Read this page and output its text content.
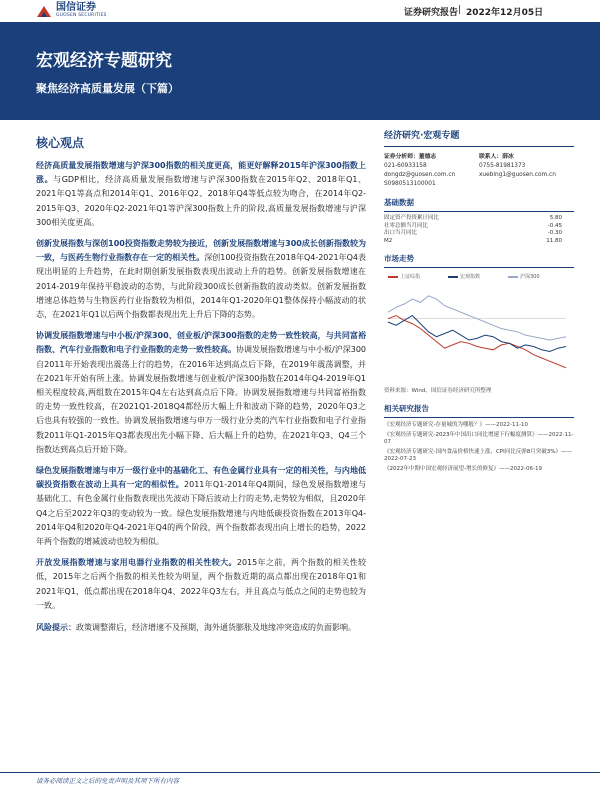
国信证券
GUOSEN SECURITIES	证券研究报告 | 2022年12月05日
宏观经济专题研究
聚焦经济高质量发展（下篇）
核心观点

经济高质量发展指数增速与沪深300指数的相关度更高，能更好解释2015年沪深300指数上涨。与GDP相比，经济高质量发展指数增速与沪深300指数在2015年Q2、2018年Q1、2021年Q1等高点和2014年Q1、2016年Q2、2018年Q4等低点较为吻合，在2014年Q2-2015年Q3、2020年Q2-2021年Q1等沪深300指数上升的阶段,高质量发展指数增速与沪深300相关度更高。

创新发展指数与深创100投资指数走势较为接近，创新发展指数增速与300成长创新指数较为一致，与医药生物行业指数存在一定的相关性。深创100投资指数在2018年Q4-2021年Q4表现出明显的上升趋势，在此时期创新发展指数表现出波动上升的趋势。创新发展指数增速在2014-2019年保持平稳波动的态势，与此阶段300成长创新指数的波动类似。创新发展指数增速总体趋势与生物医药行业指数较为相似，2014年Q1-2020年Q1整体保持小幅波动的状态，在2021年Q1以后两个指数都表现出先上升后下降的态势。

协调发展指数增速与中小板/沪深300、创业板/沪深300指数的走势一致性较高，与共同富裕指数、汽车行业指数和电子行业指数的走势一致性较高。协调发展指数增速与中小板/沪深300自2011年开始表现出震荡上行的趋势，在2016年达到高点后下降，在2019年震荡调整，并在2021年开始有所上涨。协调发展指数增速与创业板/沪深300指数在2014年Q4-2019年Q1相关程度较高,两组数在2015年Q4左右达到高点后下降。协调发展指数增速与共同富裕指数的走势一致性较高，在2021Q1-2018Q4都经历大幅上升和波动下降的趋势，2020年Q3之后也具有较强的一致性。协调发展指数增速与申万一级行业分类的汽车行业指数和电子行业指数2011年Q1-2015年Q3都表现出先小幅下降、后大幅上升的趋势，在2021年Q3、Q4三个指数达到高点后开始下降。

绿色发展指数增速与申万一级行业中的基础化工、有色金属行业具有一定的相关性，与内地低碳投资指数在波动上具有一定的相似性。2011年Q1-2014年Q4期间，绿色发展指数增速与基础化工、有色金属行业指数表现出先波动下降后波动上行的走势,走势较为相似，且2020年Q4之后至2022年Q3的变动较为一致。绿色发展指数增速与内地低碳投资指数在2013年Q4-2014年Q4和2020年Q4-2021年Q4的两个阶段，两个指数都表现出向上增长的趋势，2022年两个指数的增减波动也较为相似。

开放发展指数增速与家用电器行业指数的相关性较大。2015年之前，两个指数的相关性较低，2015年之后两个指数的相关性较为明显，两个指数近期的高点都出现在2018年Q1和2021年Q1，低点都出现在2018年Q4、2022年Q3左右，并且高点与低点之间的走势也较为一致。

风险提示：政策调整滞后，经济增速不及预期，海外通货膨胀及地缘冲突造成的负面影响。

经济研究·宏观专题
证券分析师：董德志
021-60933158
dongdz@guosen.com.cn
S0980513100001
联系人：薛冰
0755-81981373
xuebing1@guosen.com.cn
基础数据
固定资产投资累计同比	5.80
社零总额当月同比	-0.45
出口当月同比	-0.30
M2	11.80
市场走势
上证综指	宏观指数	沪深300
资料来源：Wind、国信证券经济研究所整理
相关研究报告
《宏观经济专题研究-存量城的为哪般？》——2022-11-10
《宏观经济专题研究-2023年中国出口同比增速下行幅度测算》——2022-11-07
《宏观经济专题研究-国内食品价格快速上涨，CPI同比反弹8月突破3%》——2022-07-23
《2022年中期中国宏观经济展望-增长的修复》——2022-06-19
请务必阅读正文之后的免责声明及其项下所有内容
